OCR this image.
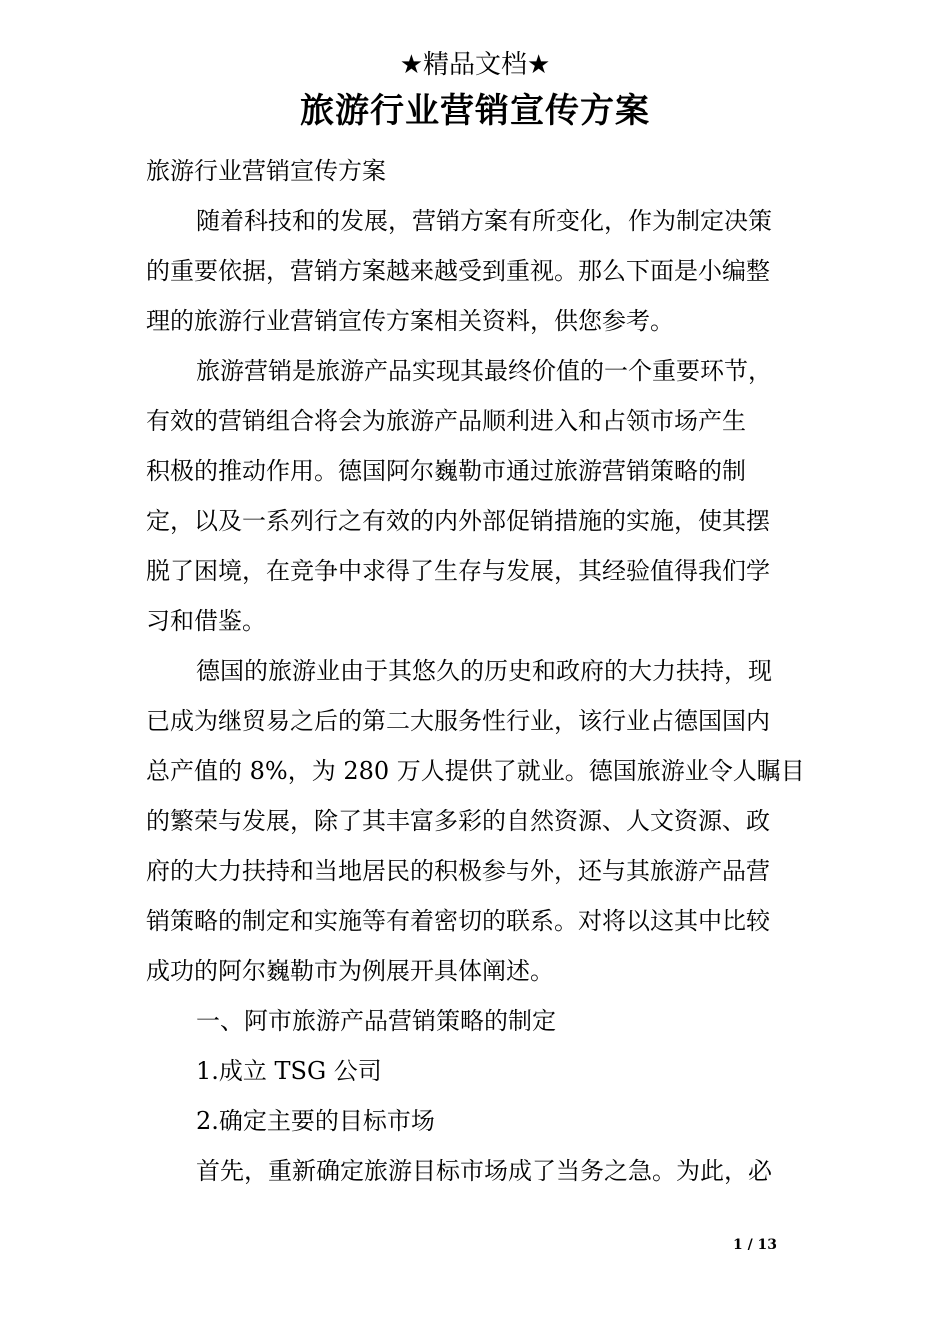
★精品文档★
旅游行业营销宣传方案
旅游行业营销宣传方案
随着科技和的发展，营销方案有所变化，作为制定决策
的重要依据，营销方案越来越受到重视。那么下面是小编整
理的旅游行业营销宣传方案相关资料，供您参考。
旅游营销是旅游产品实现其最终价值的一个重要环节，
有效的营销组合将会为旅游产品顺利进入和占领市场产生
积极的推动作用。德国阿尔巍勒市通过旅游营销策略的制
定，以及一系列行之有效的内外部促销措施的实施，使其摆
脱了困境，在竞争中求得了生存与发展，其经验值得我们学
习和借鉴。
德国的旅游业由于其悠久的历史和政府的大力扶持，现
已成为继贸易之后的第二大服务性行业，该行业占德国国内
总产值的 8%，为 280 万人提供了就业。德国旅游业令人瞩目
的繁荣与发展，除了其丰富多彩的自然资源、人文资源、政
府的大力扶持和当地居民的积极参与外，还与其旅游产品营
销策略的制定和实施等有着密切的联系。对将以这其中比较
成功的阿尔巍勒市为例展开具体阐述。
一、阿市旅游产品营销策略的制定
1.成立 TSG 公司
2.确定主要的目标市场
首先，重新确定旅游目标市场成了当务之急。为此，必
1 / 13
